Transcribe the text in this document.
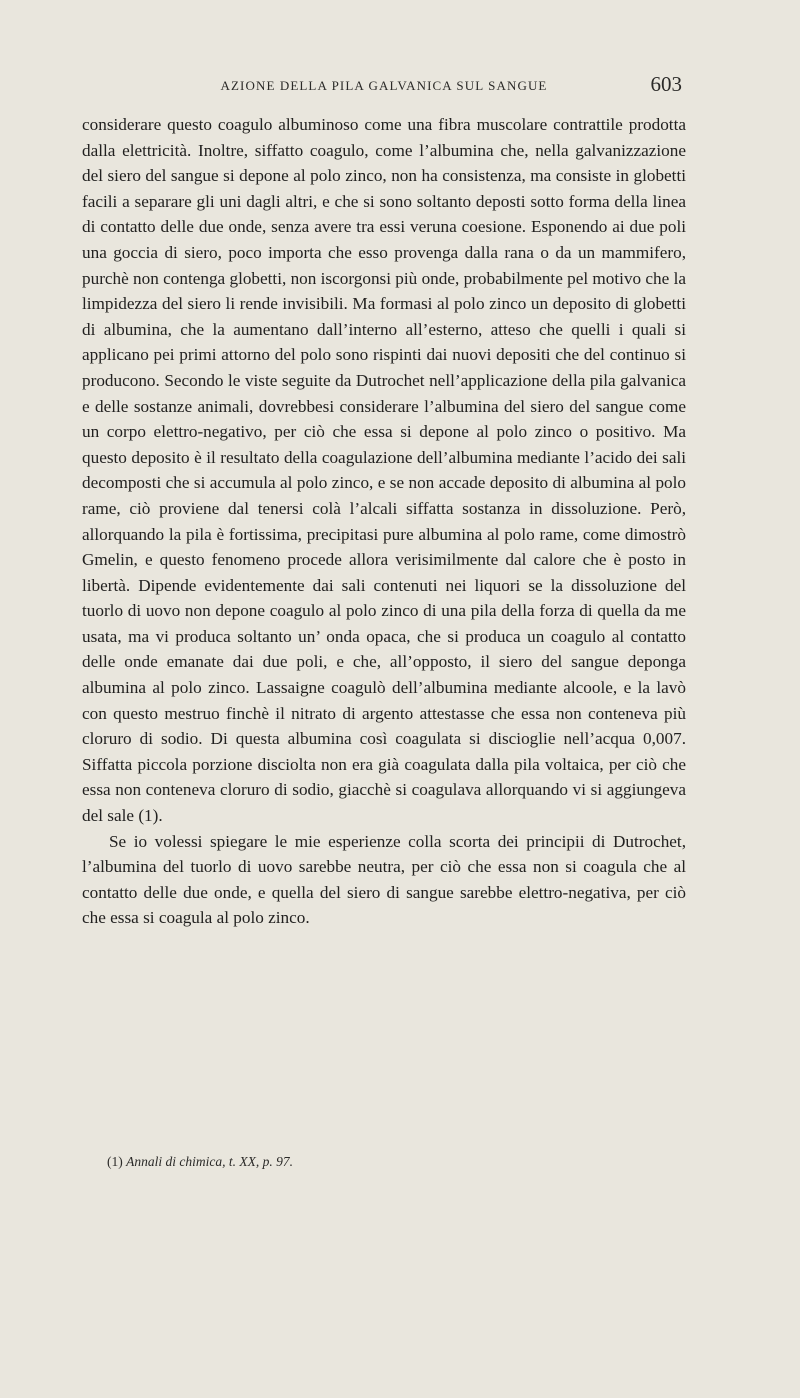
AZIONE DELLA PILA GALVANICA SUL SANGUE	603

considerare questo coagulo albuminoso come una fibra muscolare contrattile prodotta dalla elettricità. Inoltre, siffatto coagulo, come l’albumina che, nella galvanizzazione del siero del sangue si depone al polo zinco, non ha consistenza, ma consiste in globetti facili a separare gli uni dagli altri, e che si sono soltanto deposti sotto forma della linea di contatto delle due onde, senza avere tra essi veruna coesione. Esponendo ai due poli una goccia di siero, poco importa che esso provenga dalla rana o da un mammifero, purchè non contenga globetti, non iscorgonsi più onde, probabilmente pel motivo che la limpidezza del siero li rende invisibili. Ma formasi al polo zinco un deposito di globetti di albumina, che la aumentano dall’interno all’esterno, atteso che quelli i quali si applicano pei primi attorno del polo sono rispinti dai nuovi depositi che del continuo si producono. Secondo le viste seguite da Dutrochet nell’applicazione della pila galvanica e delle sostanze animali, dovrebbesi considerare l’albumina del siero del sangue come un corpo elettro-negativo, per ciò che essa si depone al polo zinco o positivo. Ma questo deposito è il resultato della coagulazione dell’albumina mediante l’acido dei sali decomposti che si accumula al polo zinco, e se non accade deposito di albumina al polo rame, ciò proviene dal tenersi colà l’alcali siffatta sostanza in dissoluzione. Però, allorquando la pila è fortissima, precipitasi pure albumina al polo rame, come dimostrò Gmelin, e questo fenomeno procede allora verisimilmente dal calore che è posto in libertà. Dipende evidentemente dai sali contenuti nei liquori se la dissoluzione del tuorlo di uovo non depone coagulo al polo zinco di una pila della forza di quella da me usata, ma vi produca soltanto un’ onda opaca, che si produca un coagulo al contatto delle onde emanate dai due poli, e che, all’opposto, il siero del sangue deponga albumina al polo zinco. Lassaigne coagulò dell’albumina mediante alcoole, e la lavò con questo mestruo finchè il nitrato di argento attestasse che essa non conteneva più cloruro di sodio. Di questa albumina così coagulata si discioglie nell’acqua 0,007. Siffatta piccola porzione disciolta non era già coagulata dalla pila voltaica, per ciò che essa non conteneva cloruro di sodio, giacchè si coagulava allorquando vi si aggiungeva del sale (1).

Se io volessi spiegare le mie esperienze colla scorta dei principii di Dutrochet, l’albumina del tuorlo di uovo sarebbe neutra, per ciò che essa non si coagula che al contatto delle due onde, e quella del siero di sangue sarebbe elettro-negativa, per ciò che essa si coagula al polo zinco.

(1) Annali di chimica, t. XX, p. 97.
